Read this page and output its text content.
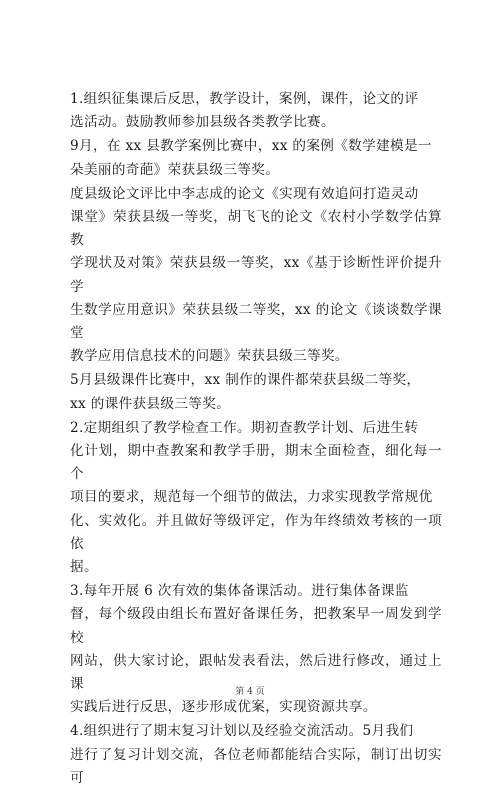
1.组织征集课后反思，教学设计，案例，课件，论文的评
选活动。鼓励教师参加县级各类教学比赛。

9月，在 xx 县教学案例比赛中，xx 的案例《数学建模是一
朵美丽的奇葩》荣获县级三等奖。

度县级论文评比中李志成的论文《实现有效追问打造灵动
课堂》荣获县级一等奖，胡飞飞的论文《农村小学数学估算教
学现状及对策》荣获县级一等奖，xx《基于诊断性评价提升学
生数学应用意识》荣获县级二等奖，xx 的论文《谈谈数学课堂
教学应用信息技术的问题》荣获县级三等奖。

5月县级课件比赛中，xx 制作的课件都荣获县级二等奖，
xx 的课件获县级三等奖。

2.定期组织了教学检查工作。期初查教学计划、后进生转
化计划，期中查教案和教学手册，期末全面检查，细化每一个
项目的要求，规范每一个细节的做法，力求实现教学常规优
化、实效化。并且做好等级评定，作为年终绩效考核的一项依
据。

3.每年开展 6 次有效的集体备课活动。进行集体备课监
督，每个级段由组长布置好备课任务，把教案早一周发到学校
网站，供大家讨论，跟帖发表看法，然后进行修改，通过上课
实践后进行反思，逐步形成优案，实现资源共享。

4.组织进行了期末复习计划以及经验交流活动。5月我们
进行了复习计划交流，各位老师都能结合实际，制订出切实可

第 4 页
